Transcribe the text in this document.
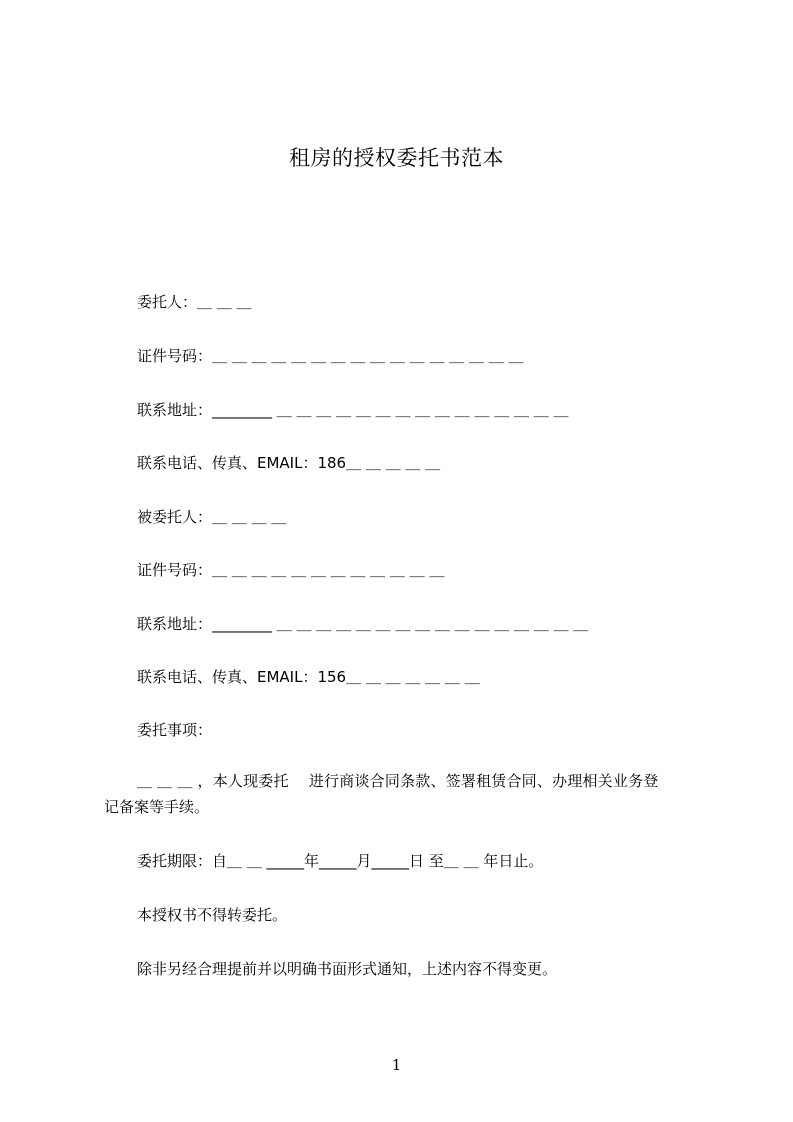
租房的授权委托书范本
委托人：＿ ＿ ＿
证件号码：＿ ＿ ＿ ＿ ＿ ＿ ＿ ＿ ＿ ＿ ＿ ＿ ＿ ＿ ＿ ＿
联系地址：________ ＿ ＿ ＿ ＿ ＿ ＿ ＿ ＿ ＿ ＿ ＿ ＿ ＿ ＿ ＿
联系电话、传真、EMAIL：186＿ ＿ ＿ ＿ ＿
被委托人：＿ ＿ ＿ ＿
证件号码：＿ ＿ ＿ ＿ ＿ ＿ ＿ ＿ ＿ ＿ ＿ ＿
联系地址：________ ＿ ＿ ＿ ＿ ＿ ＿ ＿ ＿ ＿ ＿ ＿ ＿ ＿ ＿ ＿ ＿
联系电话、传真、EMAIL：156＿ ＿ ＿ ＿ ＿ ＿ ＿
委托事项：
＿ ＿ ＿ ，本人现委托　 进行商谈合同条款、签署租赁合同、办理相关业务登
记备案等手续。
委托期限：自＿ ＿ _____年_____月_____日 至＿ ＿ 年日止。
本授权书不得转委托。
除非另经合理提前并以明确书面形式通知，上述内容不得变更。
1
